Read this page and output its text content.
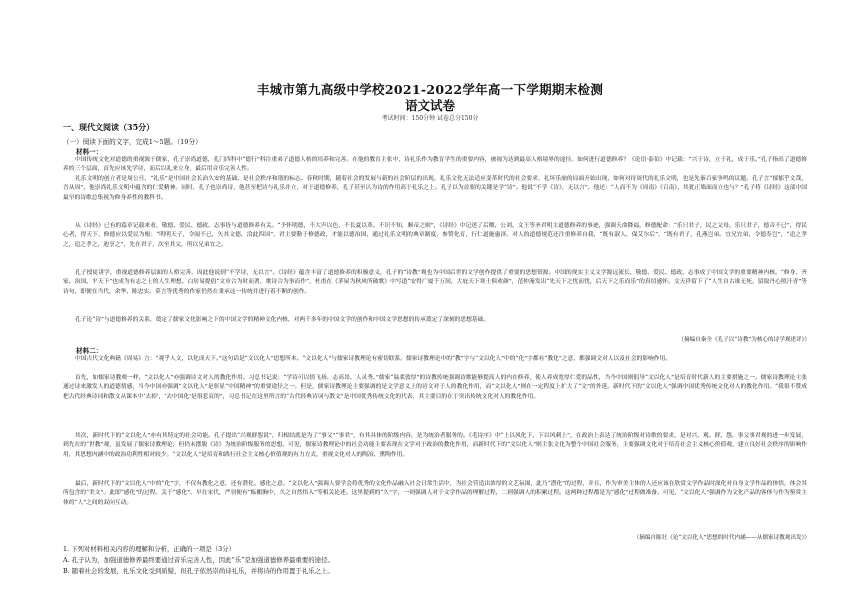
丰城市第九高级中学校2021-2022学年高一下学期期末检测
语文试卷
考试时间：150分钟 试卷总分150分
一、现代文阅读（35分）
（一）阅读下面的文字，完成1～5题。（19分）
材料一：

中国传统文化对道德的重视源于儒家，孔子崇尚道德，孔门四科中“德行”科注重弟子道德人格的培养和完善。在他的教育主张中，诗礼乐作为教育学生的重要内容，被视为达到最高人格境界的途径。如何进行道德修养？《论语·泰伯》中记载：“兴于诗，立于礼，成于乐。”孔子指出了道德修养的三个层面，首先应该先学诗，而后以礼来立身，最后用音乐完善人性。

礼乐文明的创立者是周公旦，“礼乐”是中国社会长治久安的基础，是社会秩序和谐的标志。春秋时期，随着社会的发展与新的社会阶层的出现，礼乐文化无法适应变革时代的社会要求，礼坏乐崩的局面开始出现，如何对待周代的礼乐文明，也是先秦百家争鸣的议题。孔子言“郁郁乎文哉，吾从周”，他崇尚礼乐文明中蕴含的仁爱精神。同时，孔子也崇尚诗，他甚至把诗与礼乐并立，对于道德修养，孔子甚至认为诗的作用高于礼乐之上。孔子以为首要的关键是学“诗”。他说“不学《诗》，无以言”，他还：“人而不为《周南》《召南》，其犹正墙面而立也与？”孔子将《诗经》这部中国最早的诗歌总集视为修身养性的教科书。

从《诗经》已有的篇章记载来看，敬德、爱民、德政、志事皆与道德修养有关。“予怀明德，不大声以色，不长夏以革，不识不知，顺帝之则”，《诗经》中记述了后稷、公刘、文王等圣君明主道德修养的事迹，强调天命降福，修德配命：“乐只君子，民之父母。乐只君子，德音不已”，得民心者，得天下，修德应以爱民为根：“明明天子，令闻不已，矢其文德，洽此四国”，君主要勤于修德政，才能以德治国，通过礼乐文明的典章制度，参赞化育，行仁道施惠泽。对人的道德规范还注重修养自我，“既有淑人，保艾尔后”，“既有君子，孔燕岂弟。宜兄宜弟，令德寿岂”，“追之孝之，追之孝之，迪享之”，先在君子，次至其父，所以兄弟宜之。

孔子授徒讲学，重视道德修养层面的人格完善，因此他说到“不学诗，无以言”。《诗经》蕴含丰富了道德修养的积极意义，孔子的“诗教”观也为中国后世的文学创作提供了重要的思想资源。中国的现实主义文学源远流长，敬德、爱民、德政、志事成了中国文学的重要精神内核。“修身、齐家、治国、平天下”也成为有志之士的人生理想。白居易提倡“文章合为时而著，歌诗合为事而作”，杜甫在《茅屋为秋风所破歌》中写道“安得广厦千万间，大庇天下寒士俱欢颜”，范仲淹发出“先天下之忧而忧，后天下之乐而乐”的真切感怀。文天祥留下了“人生自古谁无死，留取丹心照汗青”等诗句，即便在当代，余华、陈忠实、莫言等优秀的作家仍然在秉承这一传统并进行着不断的创作。

孔子论“诗”与道德修养的关系，奠定了儒家文化影响之下的中国文学的精神文化内核，对两千多年的中国文学的创作和中国文学思想的传承奠定了深刻的思想基础。

（摘编自秦全《孔子以“诗教”为核心的诗学观述评》）
材料二：

中国古代文化典籍《周易》言：“观乎人文，以化成天下。”这句话是“文以化人”思想所本。“文以化人”与儒家诗教理论有密切联系。儒家诗教理论中的“教”字与“文以化人”中的“化”字都有“教化”之意，都强调文对人以及社会的影响作用。

首先，如儒家诗教观一样，“文以化人”亦强调诗文对人的教化作用。习总书记说：“学诗可以情飞扬、志高昂、人灵秀。”儒家“温柔敦厚”的诗教传统强调诗歌能够提高人的内在修养，使人养成宽厚仁爱的品性，当今中国则倡导“文以化人”是培育时代新人的主要措施之一。儒家诗教理论主张通过诗来激发人的道德情感，当今中国亦强调“文以化人”是彰显“中国精神”的重要途径之一。但是，儒家诗教理论主要强调的是文学意义上的诗文对于人的教化作用，而“文以化人”则在一定程度上扩大了“文”的外延。新时代下的“文以化人”强调中国优秀传统文化对人的教化作用。“我很不赞成把古代经典诗词和散文从课本中‘去掉’，‘去中国化’是很悲哀的”，习总书记在这里所言的“古代经典诗词与散文”是中国优秀传统文化的代表，其主要目的在于突出传统文化对人的教化作用。

其次，新时代下的“文以化人”亦有其特定的社会功能。孔子提出“兴观群怨说”，归根结底是为了“事父”“事君”，有其具体的阶级内容，是为统治者服务的。《毛诗序》中“上以风化下，下以风刺上”，在政治上表达了统治阶级对诗歌的要求，是对兴、观、群、怨，事父事君观的进一步发展，到先在的“世教”观，虽发展了儒家诗教理论，但仍未摆脱《诗》为统治阶级服务的思想。可见，儒家诗教理论中的社会功能主要表现在文学对于政治的教化作用，而新时代下的“文以化人”则主张文化为整个中国社会服务，主要强调文化对于培育社会主义核心价值观、建立良好社会秩序的影响作用，其思想内涵中的政治功利性相对较少。“文以化人”是培育和践行社会主义核心价值观的有力方式，重视文化对人的陶冶、熏陶作用。

最后，新时代下的“文以化人”中的“化”字，不仅有教化之意，还有潜化、感化之意。“文以化人”强调人要学会将优秀的文化作品融入社会日常生活中，为社会营造出浓厚的文艺氛围，此乃“潜化”的过程，并且，作为审美主体的人还应该在欣赏文学作品时深化对自身文学作品的体悟，体会其所包含的“美文”。此即“感化”的过程。关于“感化”，早在宋代，严羽便有“酝酿胸中，久之自然悟入”等相关论述。这里提到的“久”字，一则强调人对于文学作品的理解过程，二则强调人的积累过程。这两种过程都是为“感化”过程做准备。可见，“文以化人”强调作为文化产品的客体与作为鉴赏主体的“人”之间的双向互动。

（摘编自陈壮《论“文以化人”思想的时代内涵——从儒家诗教观出发》）
1. 下列对材料相关内容的理解和分析，正确的一项是（3分）
A. 孔子认为，加强道德修养最终要通过音乐完善人性，因此“乐”是加强道德修养最重要的途径。
B. 随着社会的发展，礼乐文化受到质疑，但孔子依然崇尚诗礼乐，并将诗的作用置于礼乐之上。
